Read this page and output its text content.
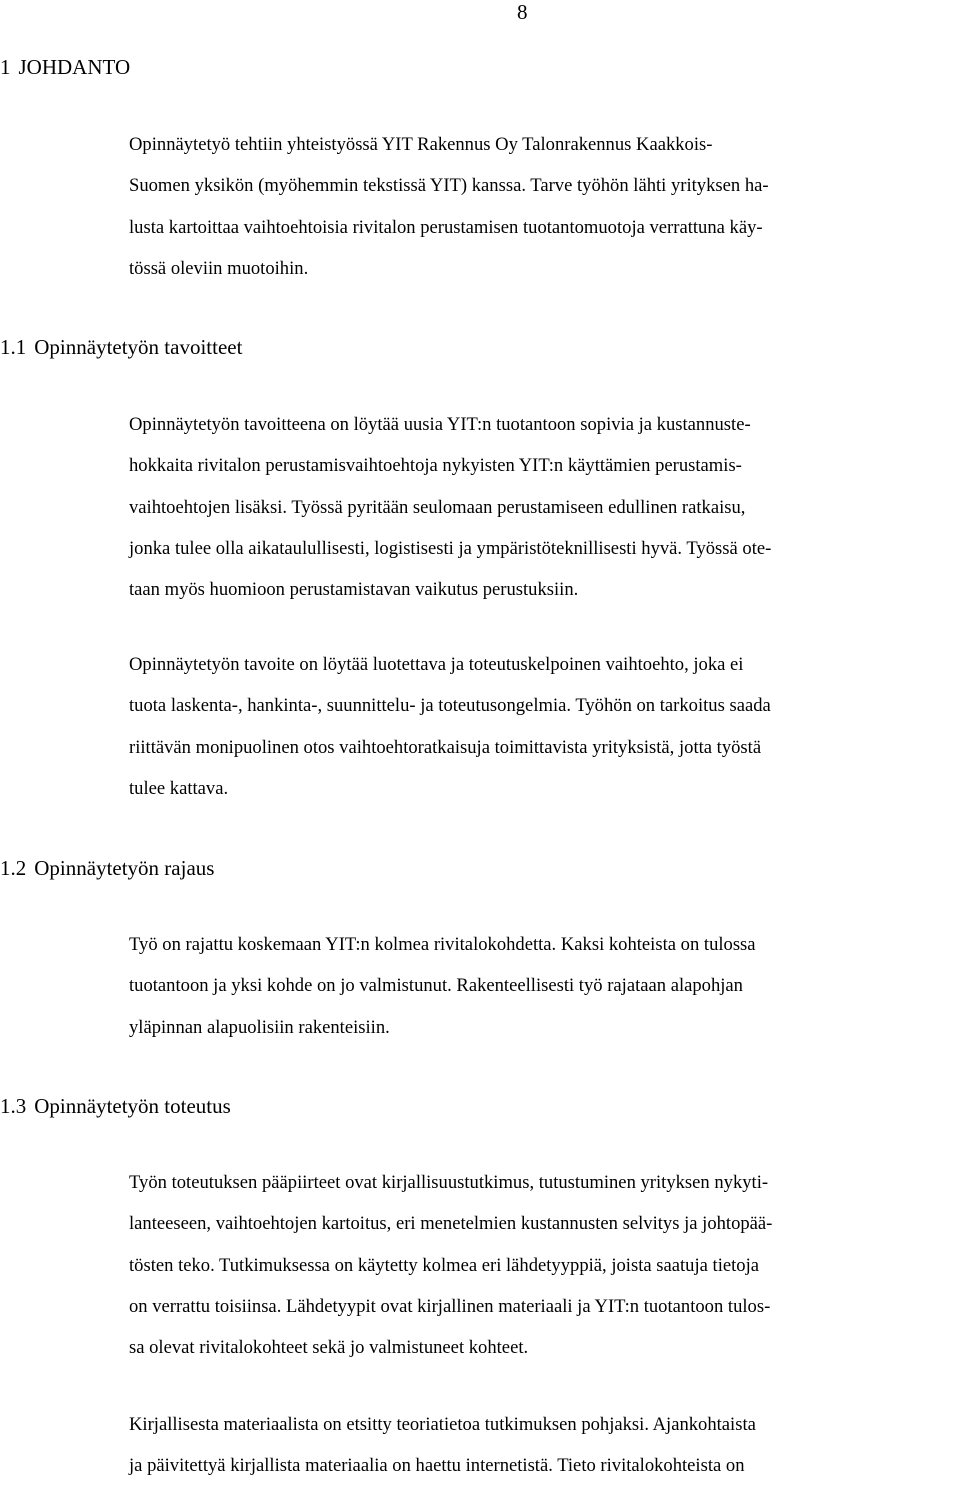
8
1 JOHDANTO
Opinnäytetyö tehtiin yhteistyössä YIT Rakennus Oy Talonrakennus Kaakkois-
Suomen yksikön (myöhemmin tekstissä YIT) kanssa. Tarve työhön lähti yrityksen ha-
lusta kartoittaa vaihtoehtoisia rivitalon perustamisen tuotantomuotoja verrattuna käy-
tössä oleviin muotoihin.
1.1 Opinnäytetyön tavoitteet
Opinnäytetyön tavoitteena on löytää uusia YIT:n tuotantoon sopivia ja kustannuste-
hokkaita rivitalon perustamisvaihtoehtoja nykyisten YIT:n käyttämien perustamis-
vaihtoehtojen lisäksi. Työssä pyritään seulomaan perustamiseen edullinen ratkaisu,
jonka tulee olla aikataulullisesti, logistisesti ja ympäristöteknillisesti hyvä. Työssä ote-
taan myös huomioon perustamistavan vaikutus perustuksiin.
Opinnäytetyön tavoite on löytää luotettava ja toteutuskelpoinen vaihtoehto, joka ei
tuota laskenta-, hankinta-, suunnittelu- ja toteutusongelmia. Työhön on tarkoitus saada
riittävän monipuolinen otos vaihtoehtoratkaisuja toimittavista yrityksistä, jotta työstä
tulee kattava.
1.2 Opinnäytetyön rajaus
Työ on rajattu koskemaan YIT:n kolmea rivitalokohdetta. Kaksi kohteista on tulossa
tuotantoon ja yksi kohde on jo valmistunut. Rakenteellisesti työ rajataan alapohjan
yläpinnan alapuolisiin rakenteisiin.
1.3 Opinnäytetyön toteutus
Työn toteutuksen pääpiirteet ovat kirjallisuustutkimus, tutustuminen yrityksen nykyti-
lanteeseen, vaihtoehtojen kartoitus, eri menetelmien kustannusten selvitys ja johtopää-
tösten teko. Tutkimuksessa on käytetty kolmea eri lähdetyyppiä, joista saatuja tietoja
on verrattu toisiinsa. Lähdetyypit ovat kirjallinen materiaali ja YIT:n tuotantoon tulos-
sa olevat rivitalokohteet sekä jo valmistuneet kohteet.
Kirjallisesta materiaalista on etsitty teoriatietoa tutkimuksen pohjaksi. Ajankohtaista
ja päivitettyä kirjallista materiaalia on haettu internetistä. Tieto rivitalokohteista on
